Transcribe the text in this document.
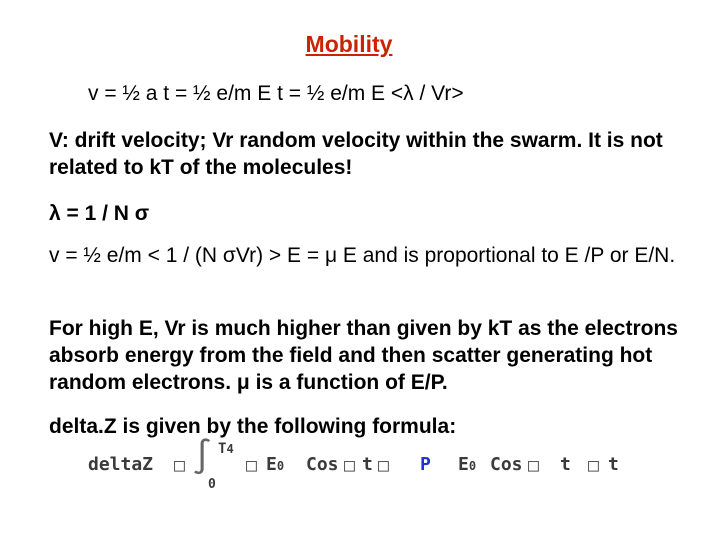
Mobility
v = ½ a t = ½ e/m E t = ½ e/m E <λ / Vr>
V: drift velocity; Vr random velocity within the swarm. It is not related to kT of the molecules!
λ = 1 / N σ
v = ½ e/m < 1 / (N σVr) > E = μ E and is proportional to E /P or E/N.
For high E, Vr is much higher than given by kT as the electrons absorb energy from the field and then scatter generating hot random electrons. μ is a function of E/P.
delta.Z is given by the following formula:
deltaZ □ ∫ T4
0
□ E0 Cos □ t □ P E0 Cos □ t □ t
